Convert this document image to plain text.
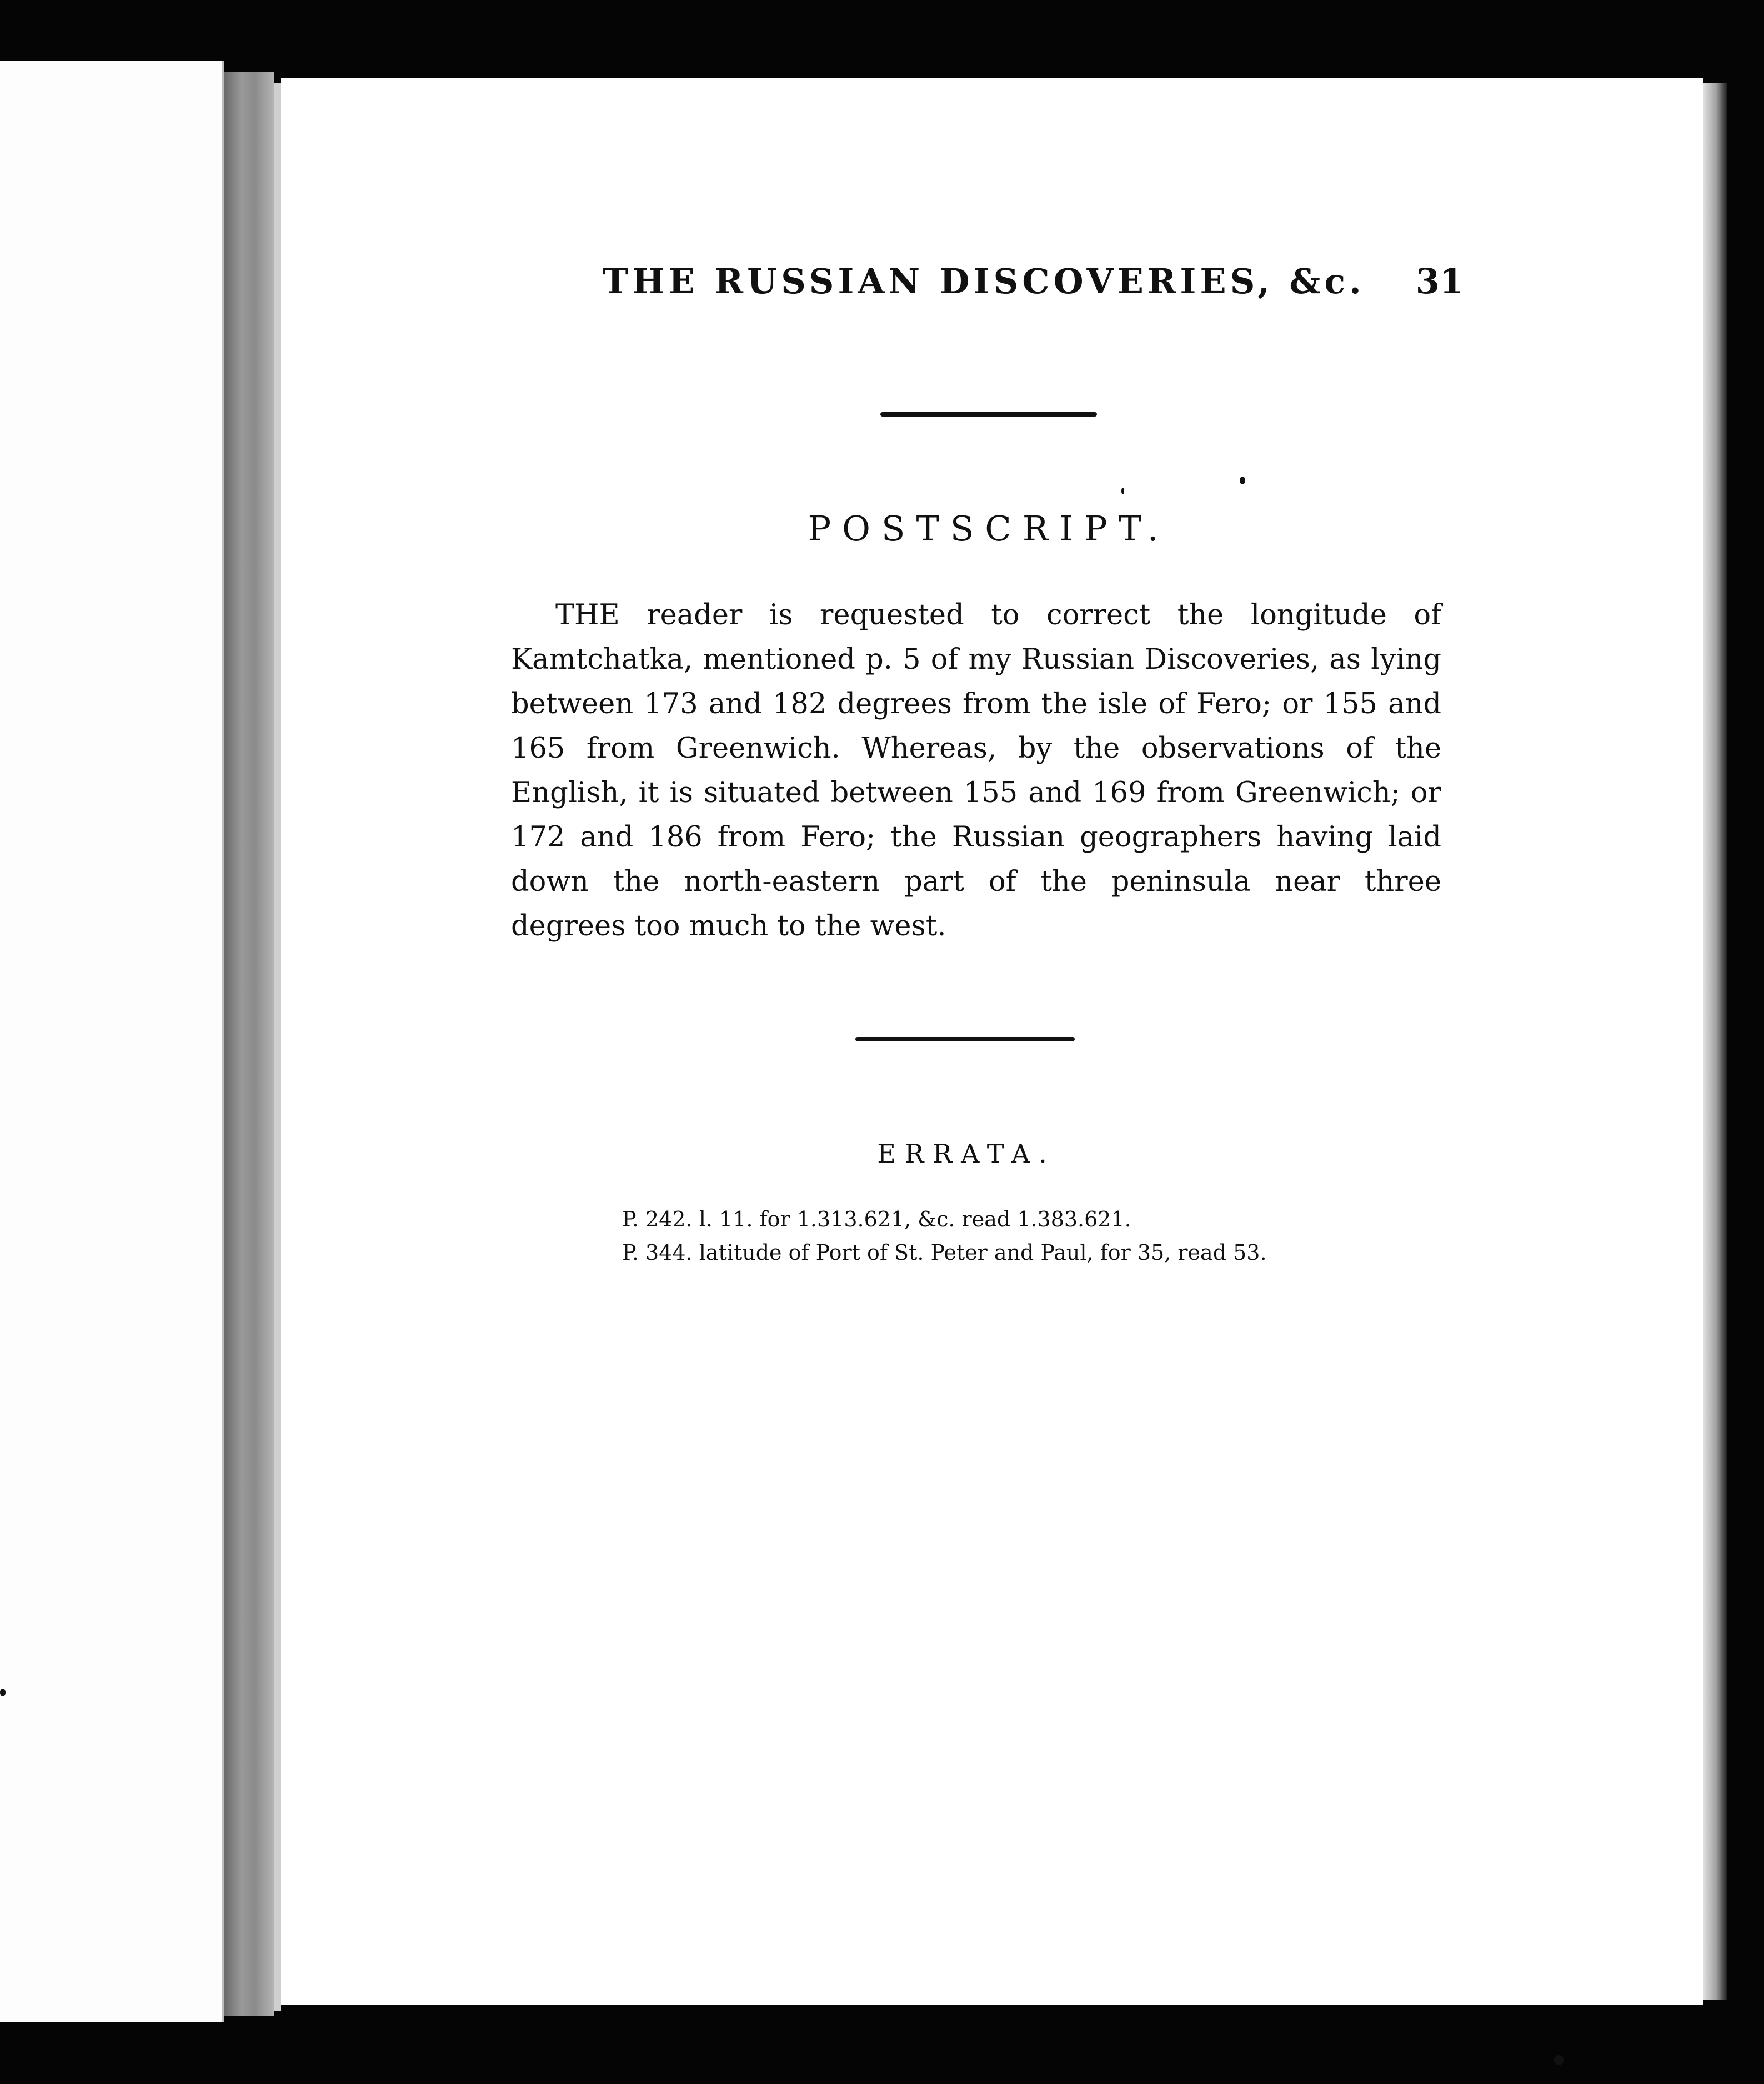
THE RUSSIAN DISCOVERIES, &c. 31
POSTSCRIPT.

THE reader is requested to correct the longitude of Kamtchatka, mentioned p. 5 of my Russian Discoveries, as lying between 173 and 182 degrees from the isle of Fero; or 155 and 165 from Greenwich. Whereas, by the observations of the English, it is situated between 155 and 169 from Greenwich; or 172 and 186 from Fero; the Russian geographers having laid down the north-eastern part of the peninsula near three degrees too much to the west.

ERRATA.
P. 242. l. 11. for 1.313.621, &c. read 1.383.621.
P. 344. latitude of Port of St. Peter and Paul, for 35, read 53.
